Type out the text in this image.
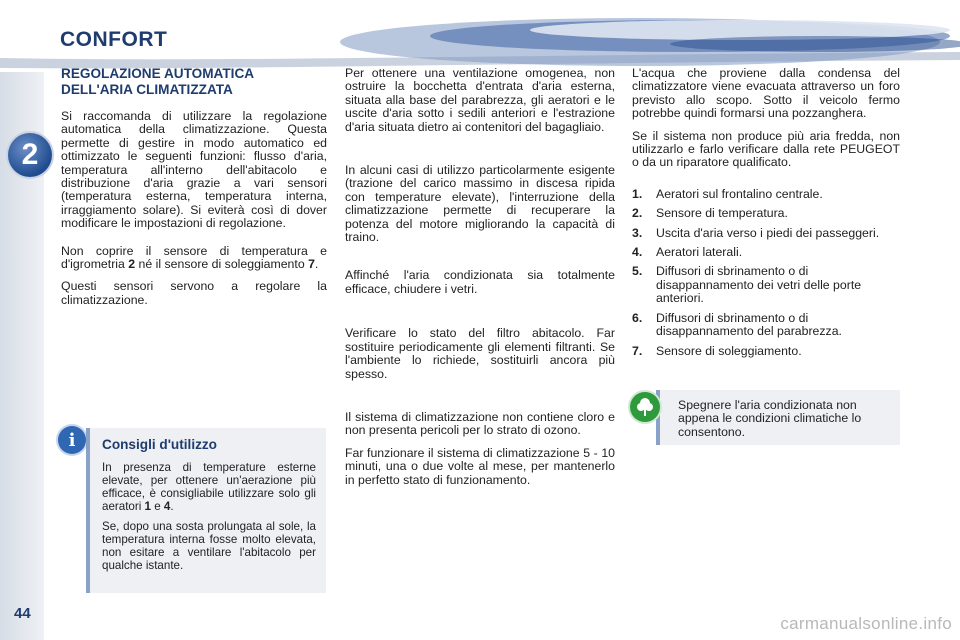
CONFORT
2
44
REGOLAZIONE AUTOMATICA DELL'ARIA CLIMATIZZATA

Si raccomanda di utilizzare la regolazione automatica della climatizzazione. Questa permette di gestire in modo automatico ed ottimizzato le seguenti funzioni: flusso d'aria, temperatura all'interno dell'abitacolo e distribuzione d'aria grazie a vari sensori (temperatura esterna, temperatura interna, irraggiamento solare). Si eviterà così di dover modificare le impostazioni di regolazione.

Non coprire il sensore di temperatura e d'igrometria 2 né il sensore di soleggiamento 7.

Questi sensori servono a regolare la climatizzazione.

i	Consigli d'utilizzo

In presenza di temperature esterne elevate, per ottenere un'aerazione più efficace, è consigliabile utilizzare solo gli aeratori 1 e 4.

Se, dopo una sosta prolungata al sole, la temperatura interna fosse molto elevata, non esitare a ventilare l'abitacolo per qualche istante.

Per ottenere una ventilazione omogenea, non ostruire la bocchetta d'entrata d'aria esterna, situata alla base del parabrezza, gli aeratori e le uscite d'aria sotto i sedili anteriori e l'estrazione d'aria situata dietro ai contenitori del bagagliaio.

In alcuni casi di utilizzo particolarmente esigente (trazione del carico massimo in discesa ripida con temperature elevate), l'interruzione della climatizzazione permette di recuperare la potenza del motore migliorando la capacità di traino.

Affinché l'aria condizionata sia totalmente efficace, chiudere i vetri.

Verificare lo stato del filtro abitacolo. Far sostituire periodicamente gli elementi filtranti. Se l'ambiente lo richiede, sostituirli ancora più spesso.

Il sistema di climatizzazione non contiene cloro e non presenta pericoli per lo strato di ozono.

Far funzionare il sistema di climatizzazione 5 - 10 minuti, una o due volte al mese, per mantenerlo in perfetto stato di funzionamento.

L'acqua che proviene dalla condensa del climatizzatore viene evacuata attraverso un foro previsto allo scopo. Sotto il veicolo fermo potrebbe quindi formarsi una pozzanghera.

Se il sistema non produce più aria fredda, non utilizzarlo e farlo verificare dalla rete PEUGEOT o da un riparatore qualificato.

1.	Aeratori sul frontalino centrale.
2.	Sensore di temperatura.
3.	Uscita d'aria verso i piedi dei passeggeri.
4.	Aeratori laterali.
5.	Diffusori di sbrinamento o di disappannamento dei vetri delle porte anteriori.
6.	Diffusori di sbrinamento o di disappannamento del parabrezza.
7.	Sensore di soleggiamento.
Spegnere l'aria condizionata non appena le condizioni climatiche lo consentono.
carmanualsonline.info
